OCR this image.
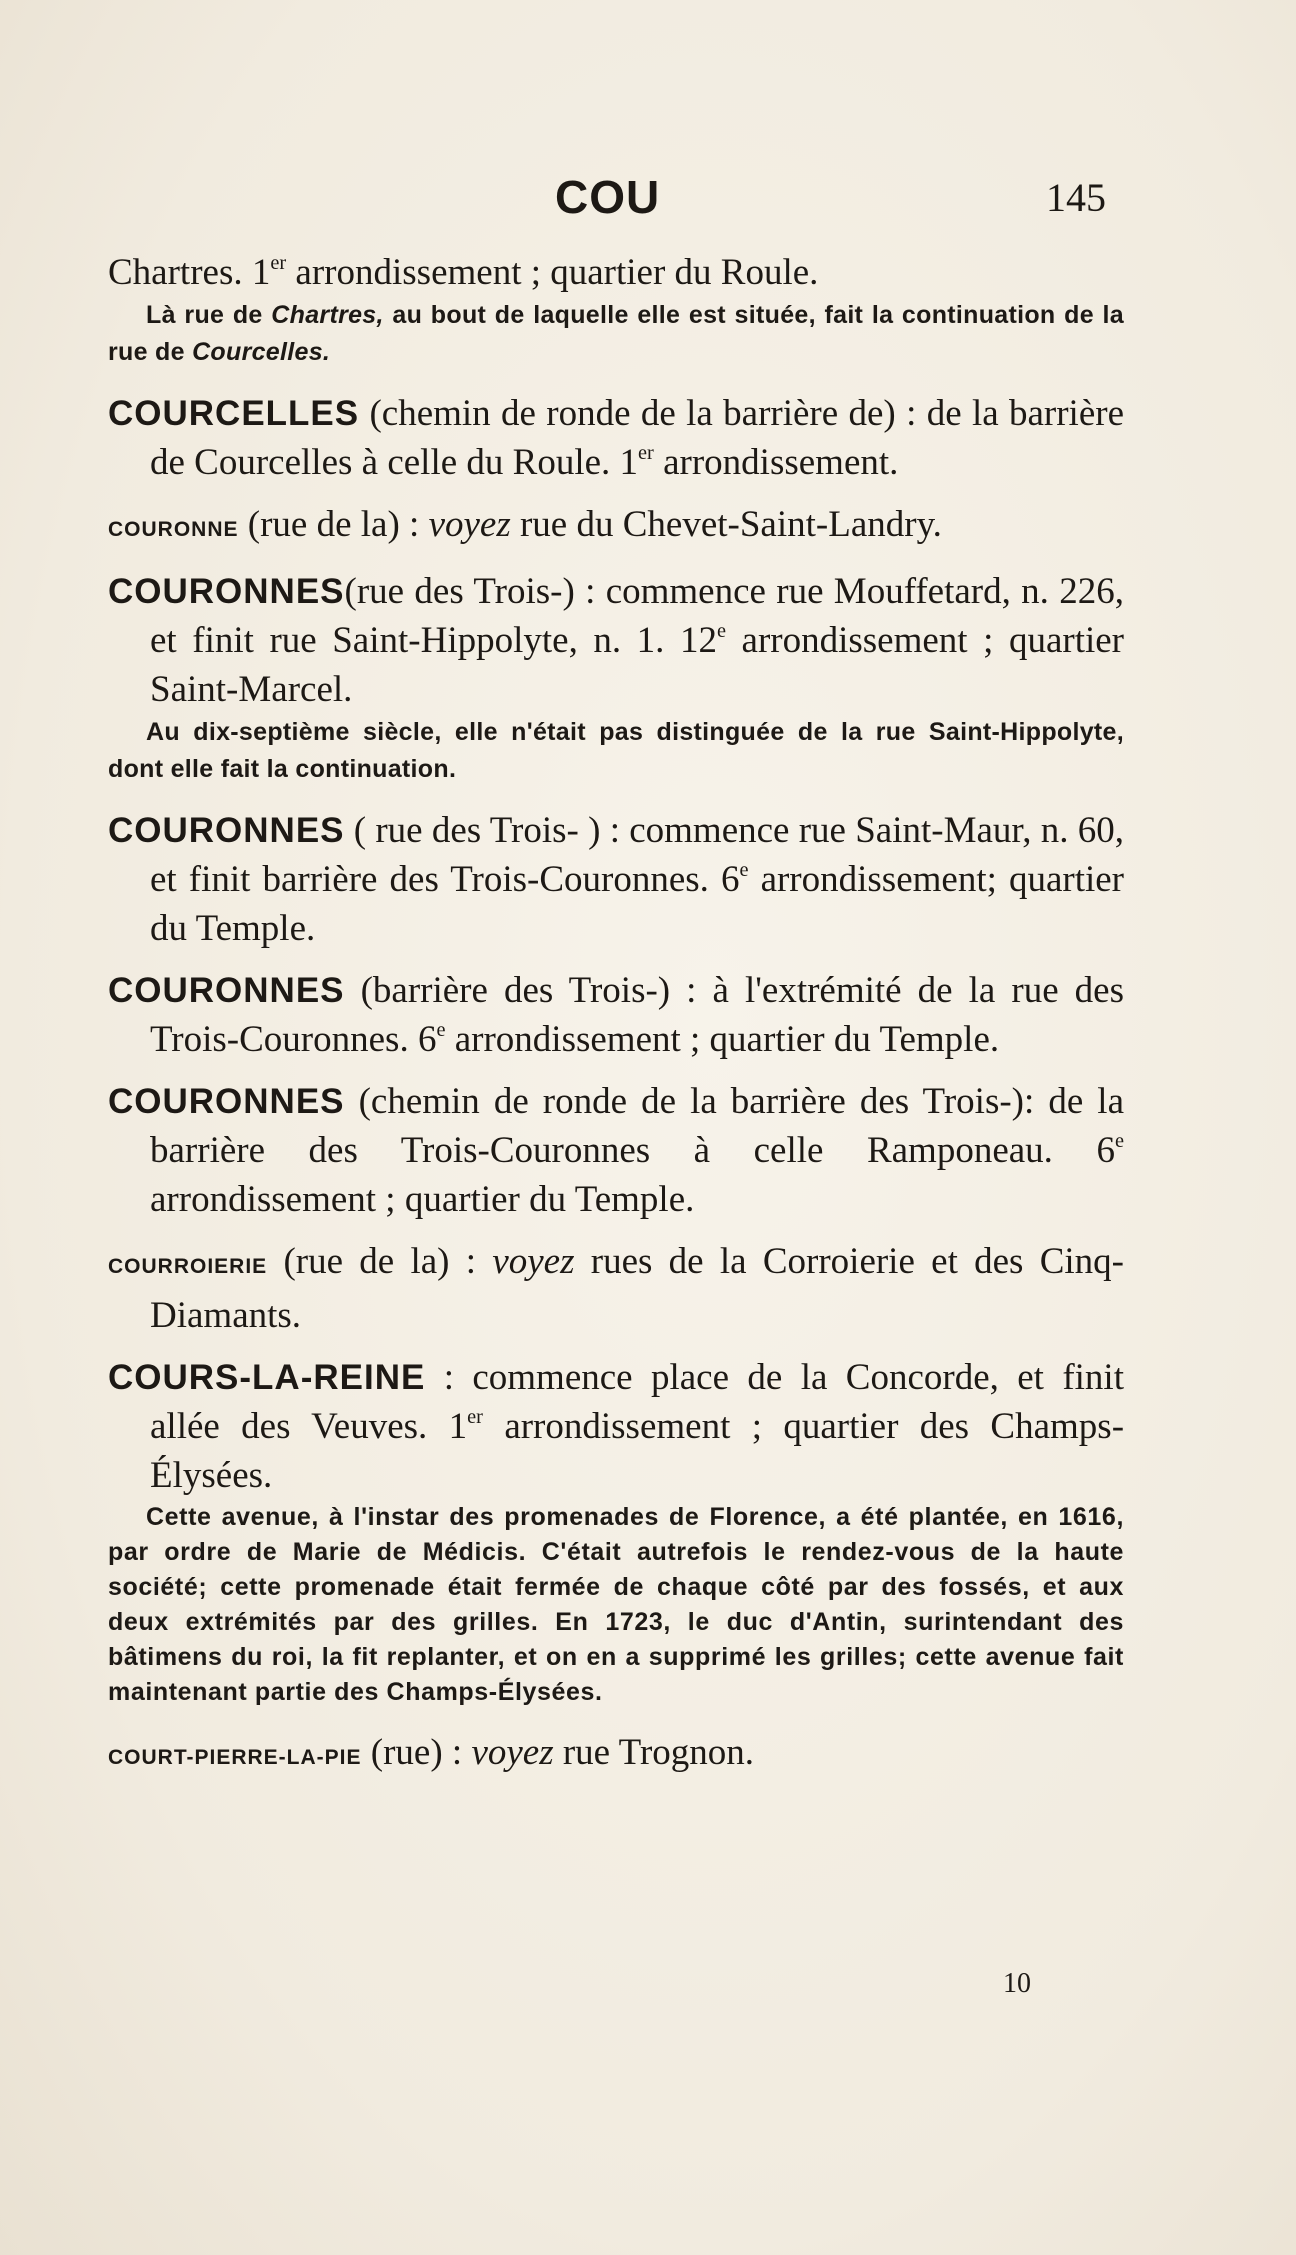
COU	145

Chartres. 1er arrondissement ; quartier du Roule.

Là rue de Chartres, au bout de laquelle elle est située, fait la continuation de la rue de Courcelles.

COURCELLES (chemin de ronde de la barrière de) : de la barrière de Courcelles à celle du Roule. 1er arrondissement.

COURONNE (rue de la) : voyez rue du Chevet-Saint-Landry.

COURONNES(rue des Trois-) : commence rue Mouffetard, n. 226, et finit rue Saint-Hippolyte, n. 1. 12e arrondissement ; quartier Saint-Marcel.

Au dix-septième siècle, elle n'était pas distinguée de la rue Saint-Hippolyte, dont elle fait la continuation.

COURONNES ( rue des Trois- ) : commence rue Saint-Maur, n. 60, et finit barrière des Trois-Couronnes. 6e arrondissement; quartier du Temple.

COURONNES (barrière des Trois-) : à l'extrémité de la rue des Trois-Couronnes. 6e arrondissement ; quartier du Temple.

COURONNES (chemin de ronde de la barrière des Trois-): de la barrière des Trois-Couronnes à celle Ramponeau. 6e arrondissement ; quartier du Temple.

COURROIERIE (rue de la) : voyez rues de la Corroierie et des Cinq-Diamants.

COURS-LA-REINE : commence place de la Concorde, et finit allée des Veuves. 1er arrondissement ; quartier des Champs-Élysées.

Cette avenue, à l'instar des promenades de Florence, a été plantée, en 1616, par ordre de Marie de Médicis. C'était autrefois le rendez-vous de la haute société; cette promenade était fermée de chaque côté par des fossés, et aux deux extrémités par des grilles. En 1723, le duc d'Antin, surintendant des bâtimens du roi, la fit replanter, et on en a supprimé les grilles; cette avenue fait maintenant partie des Champs-Élysées.

COURT-PIERRE-LA-PIE (rue) : voyez rue Trognon.

10
